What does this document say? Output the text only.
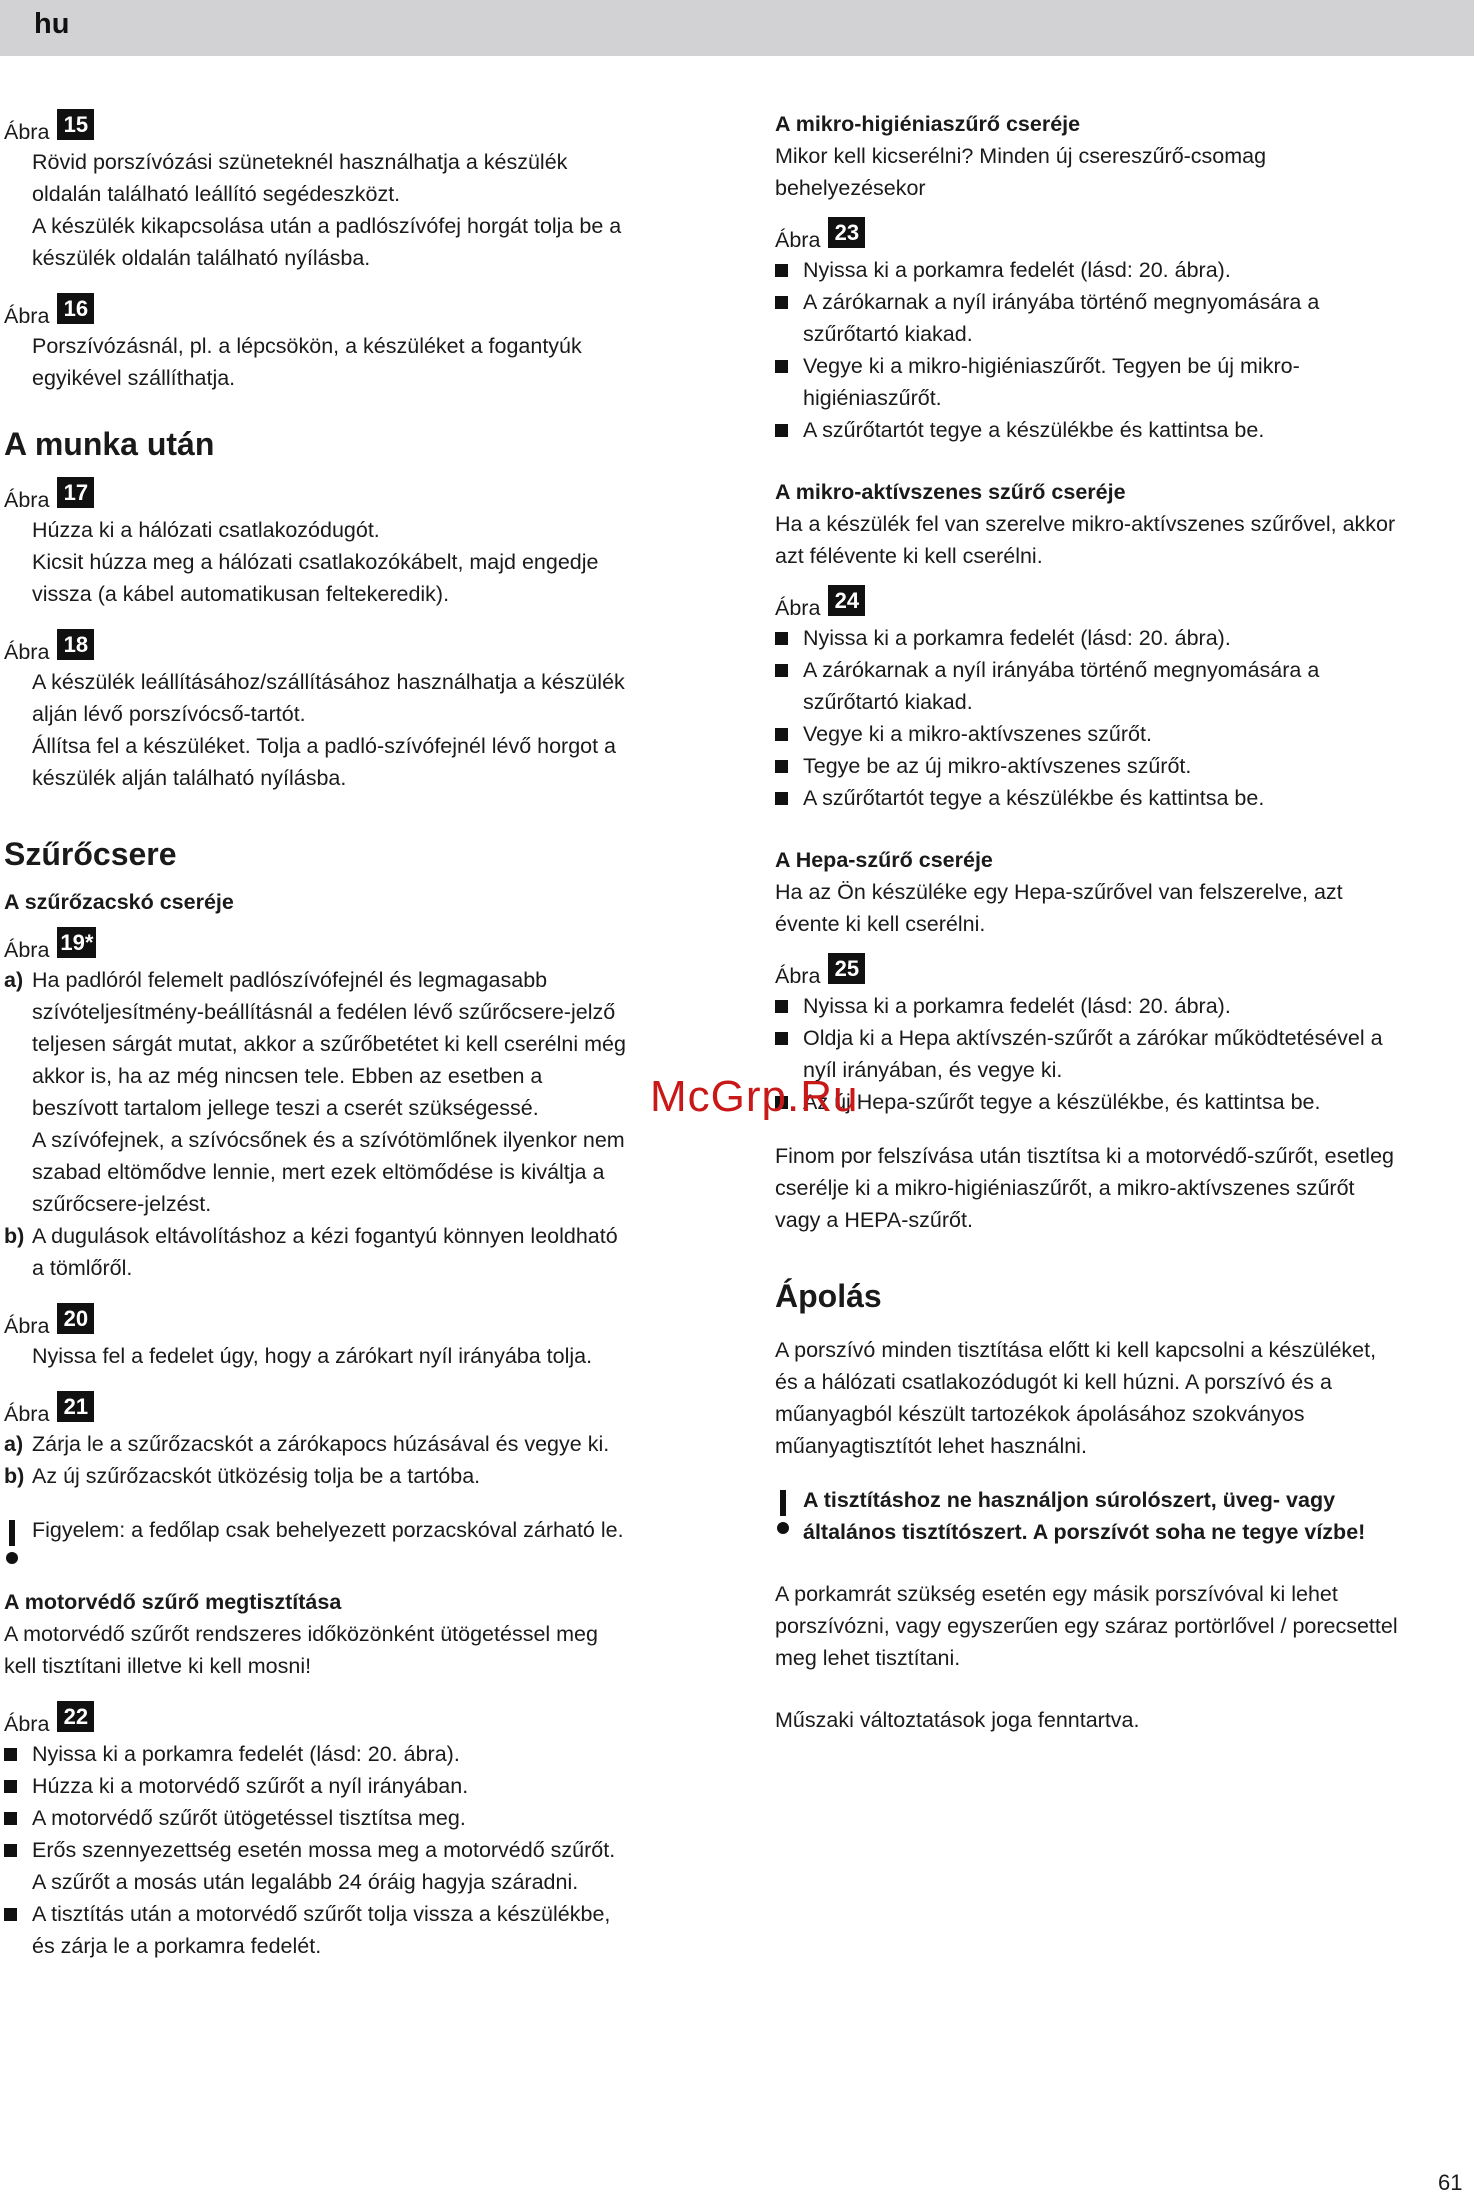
hu
Ábra 15

Rövid porszívózási szüneteknél használhatja a készülék

oldalán található leállító segédeszközt.

A készülék kikapcsolása után a padlószívófej horgát tolja be a

készülék oldalán található nyílásba.

Ábra 16

Porszívózásnál, pl. a lépcsökön, a készüléket a fogantyúk

egyikével szállíthatja.

A munka után
Ábra 17

Húzza ki a hálózati csatlakozódugót.

Kicsit húzza meg a hálózati csatlakozókábelt, majd engedje

vissza (a kábel automatikusan feltekeredik).

Ábra 18

A készülék leállításához/szállításához használhatja a készülék

alján lévő porszívócső-tartót.

Állítsa fel a készüléket. Tolja a padló-szívófejnél lévő horgot a

készülék alján található nyílásba.

Szűrőcsere
A szűrőzacskó cseréje
Ábra 19*
a) Ha padlóról felemelt padlószívófejnél és legmagasabb
szívóteljesítmény-beállításnál a fedélen lévő szűrőcsere-jelző
teljesen sárgát mutat, akkor a szűrőbetétet ki kell cserélni még
akkor is, ha az még nincsen tele. Ebben az esetben a
beszívott tartalom jellege teszi a cserét szükségessé.
A szívófejnek, a szívócsőnek és a szívótömlőnek ilyenkor nem
szabad eltömődve lennie, mert ezek eltömődése is kiváltja a
szűrőcsere-jelzést.
b) A dugulások eltávolításhoz a kézi fogantyú könnyen leoldható
a tömlőről.
Ábra 20

Nyissa fel a fedelet úgy, hogy a zárókart nyíl irányába tolja.

Ábra 21
a) Zárja le a szűrőzacskót a zárókapocs húzásával és vegye ki.
b) Az új szűrőzacskót ütközésig tolja be a tartóba.
Figyelem: a fedőlap csak behelyezett porzacskóval zárható le.
A motorvédő szűrő megtisztítása

A motorvédő szűrőt rendszeres időközönként ütögetéssel meg

kell tisztítani illetve ki kell mosni!

Ábra 22
Nyissa ki a porkamra fedelét (lásd: 20. ábra).
Húzza ki a motorvédő szűrőt a nyíl irányában.
A motorvédő szűrőt ütögetéssel tisztítsa meg.
Erős szennyezettség esetén mossa meg a motorvédő szűrőt.
A szűrőt a mosás után legalább 24 óráig hagyja száradni.
A tisztítás után a motorvédő szűrőt tolja vissza a készülékbe,
és zárja le a porkamra fedelét.
A mikro-higiéniaszűrő cseréje

Mikor kell kicserélni? Minden új csereszűrő-csomag

behelyezésekor

Ábra 23
Nyissa ki a porkamra fedelét (lásd: 20. ábra).
A zárókarnak a nyíl irányába történő megnyomására a
szűrőtartó kiakad.
Vegye ki a mikro-higiéniaszűrőt. Tegyen be új mikro-
higiéniaszűrőt.
A szűrőtartót tegye a készülékbe és kattintsa be.
A mikro-aktívszenes szűrő cseréje

Ha a készülék fel van szerelve mikro-aktívszenes szűrővel, akkor

azt félévente ki kell cserélni.

Ábra 24
Nyissa ki a porkamra fedelét (lásd: 20. ábra).
A zárókarnak a nyíl irányába történő megnyomására a
szűrőtartó kiakad.
Vegye ki a mikro-aktívszenes szűrőt.
Tegye be az új mikro-aktívszenes szűrőt.
A szűrőtartót tegye a készülékbe és kattintsa be.
A Hepa-szűrő cseréje

Ha az Ön készüléke egy Hepa-szűrővel van felszerelve, azt

évente ki kell cserélni.

Ábra 25
Nyissa ki a porkamra fedelét (lásd: 20. ábra).
Oldja ki a Hepa aktívszén-szűrőt a zárókar működtetésével a
nyíl irányában, és vegye ki.
Az új Hepa-szűrőt tegye a készülékbe, és kattintsa be.

Finom por felszívása után tisztítsa ki a motorvédő-szűrőt, esetleg

cserélje ki a mikro-higiéniaszűrőt, a mikro-aktívszenes szűrőt

vagy a HEPA-szűrőt.

Ápolás

A porszívó minden tisztítása előtt ki kell kapcsolni a készüléket,

és a hálózati csatlakozódugót ki kell húzni. A porszívó és a

műanyagból készült tartozékok ápolásához szokványos

műanyagtisztítót lehet használni.

A tisztításhoz ne használjon súrolószert, üveg- vagy
általános tisztítószert. A porszívót soha ne tegye vízbe!

A porkamrát szükség esetén egy másik porszívóval ki lehet

porszívózni, vagy egyszerűen egy száraz portörlővel / porecsettel

meg lehet tisztítani.

Műszaki változtatások joga fenntartva.

McGrp.Ru
61
